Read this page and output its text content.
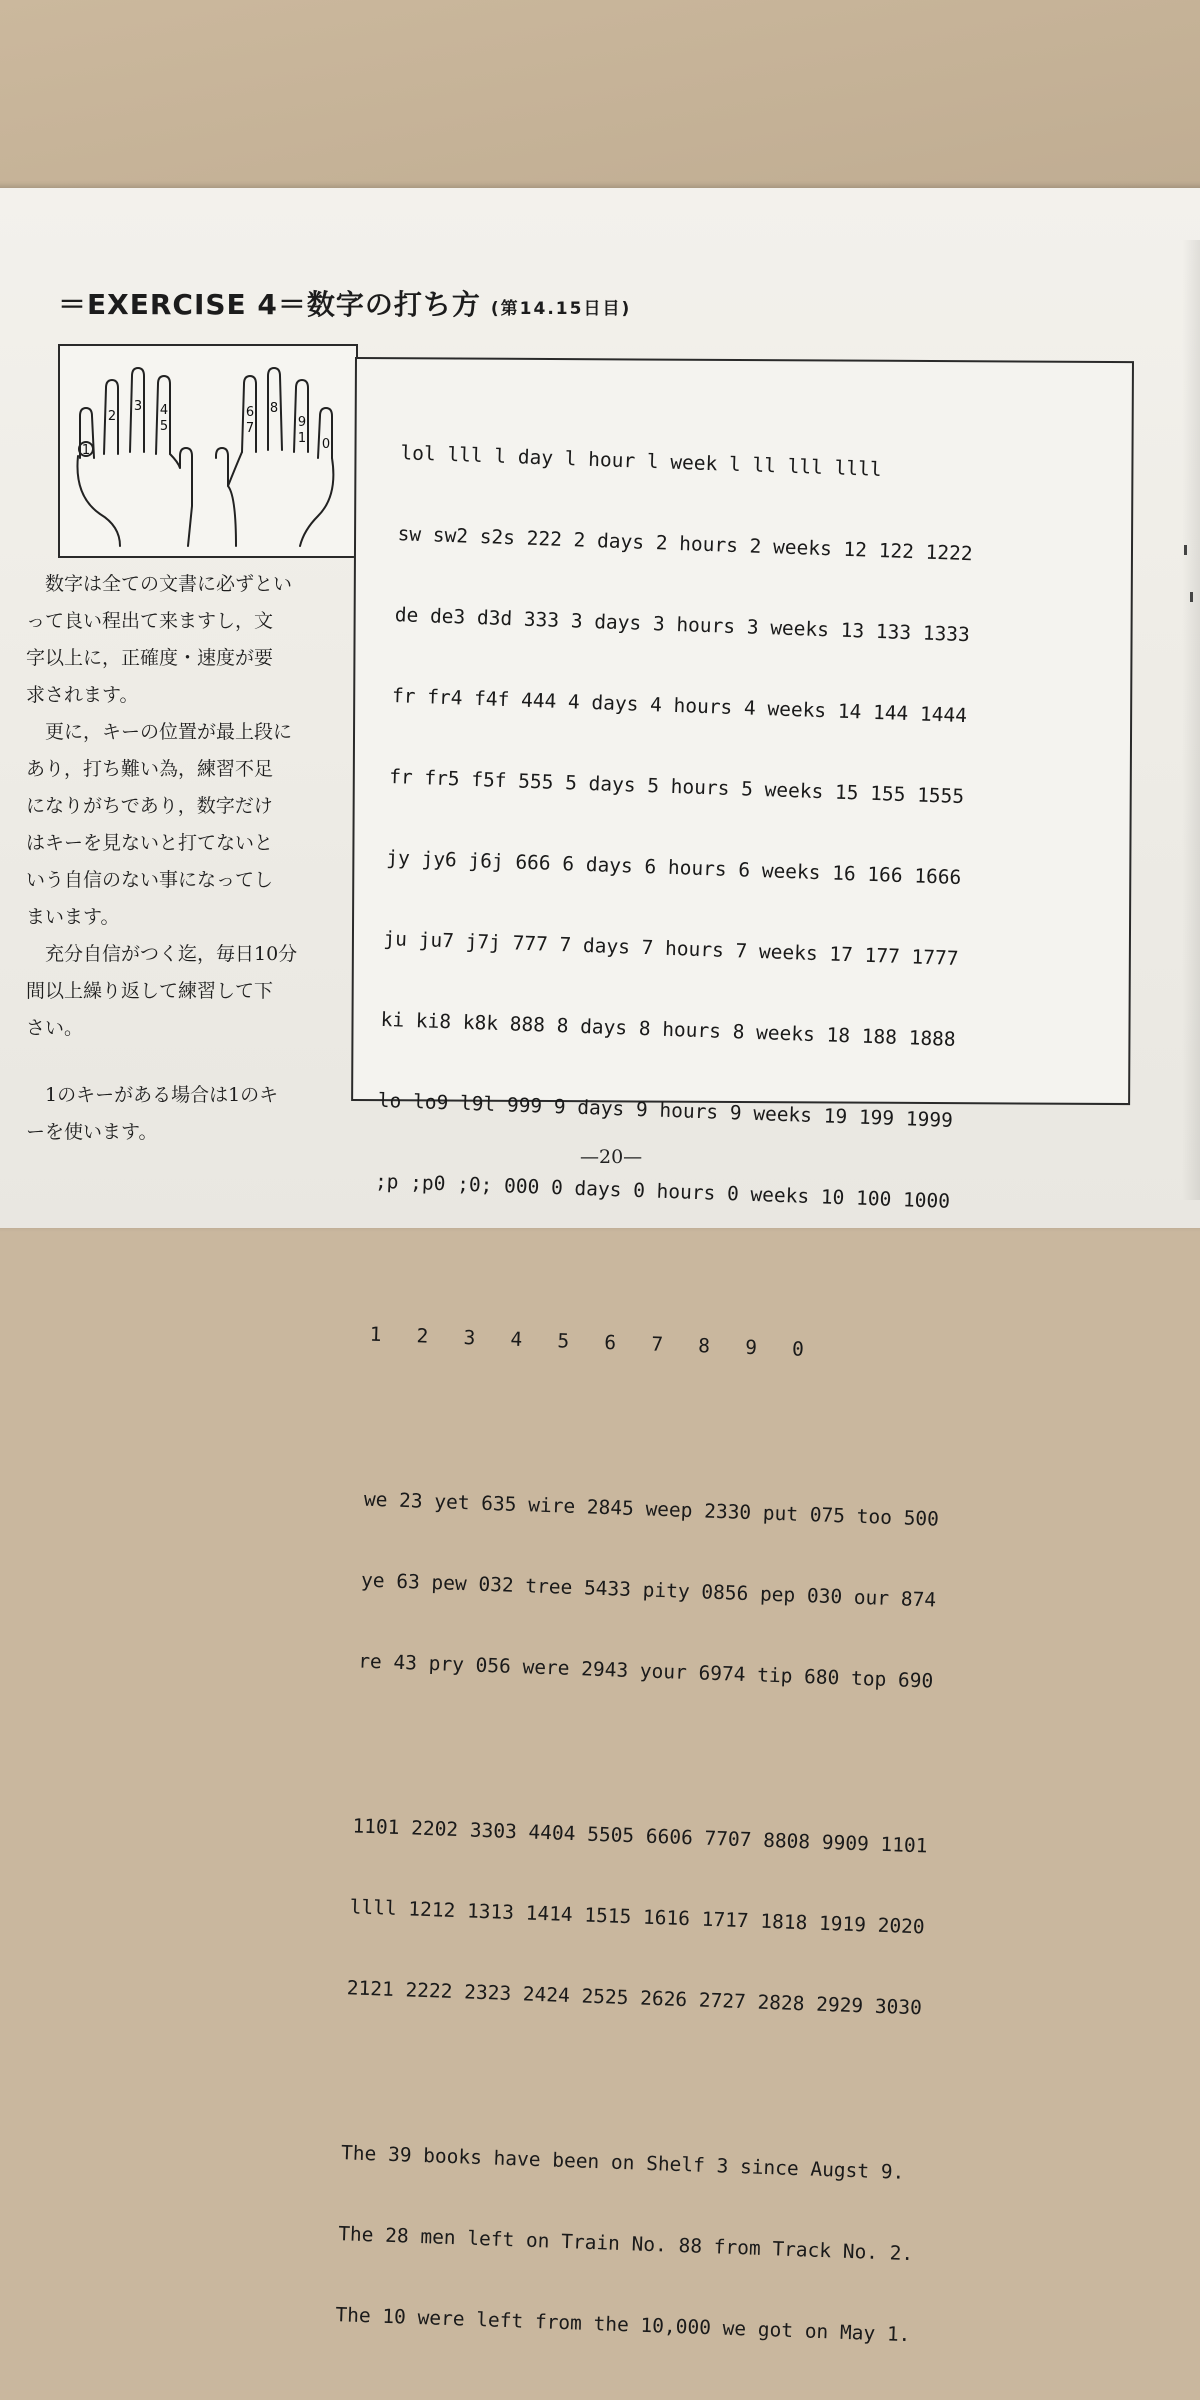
＝EXERCISE 4＝数字の打ち方 (第14.15日目)
1
2
3 4
5
6
7
8
9
1 0

　数字は全ての文書に必ずとい

って良い程出て来ますし，文

字以上に，正確度・速度が要

求されます。

　更に，キーの位置が最上段に

あり，打ち難い為，練習不足

になりがちであり，数字だけ

はキーを見ないと打てないと

いう自信のない事になってし

まいます。

　充分自信がつく迄，毎日10分

間以上繰り返して練習して下

さい。

　1のキーがある場合は1のキ

ーを使います。

lol lll l day l hour l week l ll lll llll

sw sw2 s2s 222 2 days 2 hours 2 weeks 12 122 1222

de de3 d3d 333 3 days 3 hours 3 weeks 13 133 1333

fr fr4 f4f 444 4 days 4 hours 4 weeks 14 144 1444

fr fr5 f5f 555 5 days 5 hours 5 weeks 15 155 1555

jy jy6 j6j 666 6 days 6 hours 6 weeks 16 166 1666

ju ju7 j7j 777 7 days 7 hours 7 weeks 17 177 1777

ki ki8 k8k 888 8 days 8 hours 8 weeks 18 188 1888

lo lo9 l9l 999 9 days 9 hours 9 weeks 19 199 1999

;p ;p0 ;0; 000 0 days 0 hours 0 weeks 10 100 1000

1   2   3   4   5   6   7   8   9   0

we 23 yet 635 wire 2845 weep 2330 put 075 too 500

ye 63 pew 032 tree 5433 pity 0856 pep 030 our 874

re 43 pry 056 were 2943 your 6974 tip 680 top 690

1101 2202 3303 4404 5505 6606 7707 8808 9909 1101

llll 1212 1313 1414 1515 1616 1717 1818 1919 2020

2121 2222 2323 2424 2525 2626 2727 2828 2929 3030

The 39 books have been on Shelf 3 since Augst 9.

The 28 men left on Train No. 88 from Track No. 2.

The 10 were left from the 10,000 we got on May 1.

—20—
